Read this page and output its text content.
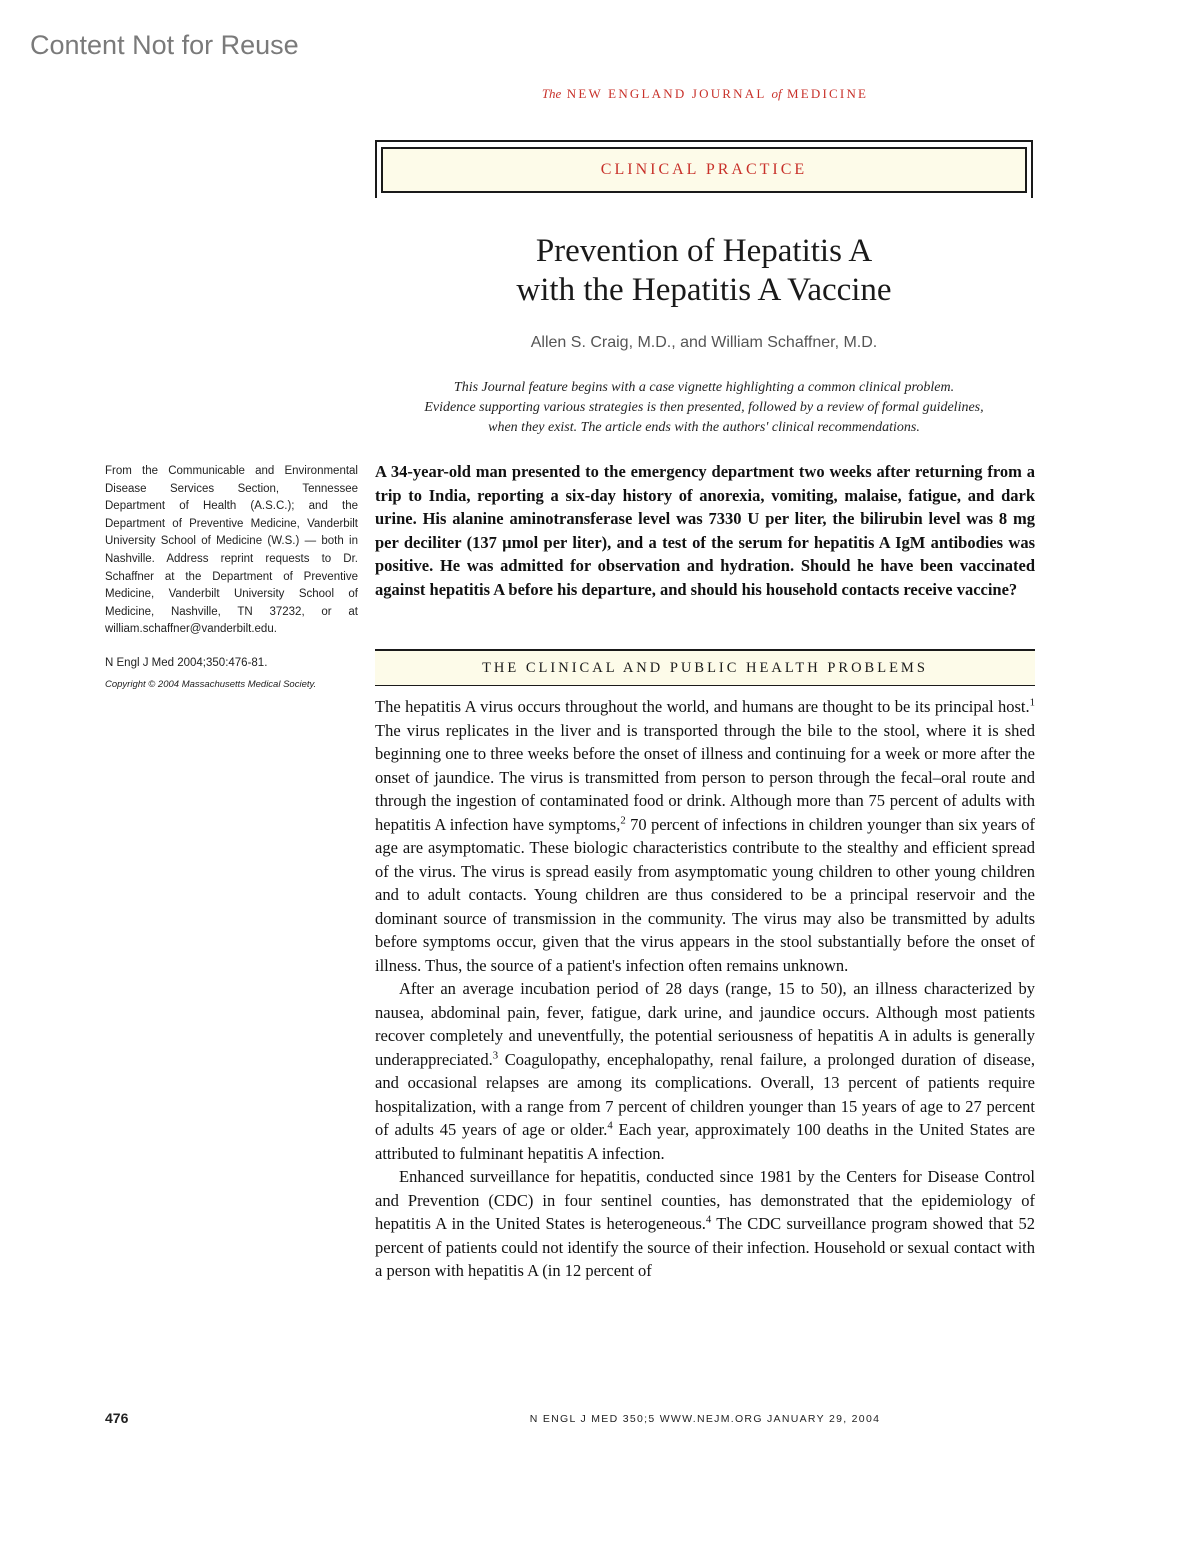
Content Not for Reuse
The NEW ENGLAND JOURNAL of MEDICINE
CLINICAL PRACTICE
Prevention of Hepatitis A
with the Hepatitis A Vaccine
Allen S. Craig, M.D., and William Schaffner, M.D.
This Journal feature begins with a case vignette highlighting a common clinical problem.
Evidence supporting various strategies is then presented, followed by a review of formal guidelines,
when they exist. The article ends with the authors' clinical recommendations.
From the Communicable and Environmental Disease Services Section, Tennessee Department of Health (A.S.C.); and the Department of Preventive Medicine, Vanderbilt University School of Medicine (W.S.) — both in Nashville. Address reprint requests to Dr. Schaffner at the Department of Preventive Medicine, Vanderbilt University School of Medicine, Nashville, TN 37232, or at william.schaffner@vanderbilt.edu.
N Engl J Med 2004;350:476-81.
Copyright © 2004 Massachusetts Medical Society.
A 34-year-old man presented to the emergency department two weeks after returning from a trip to India, reporting a six-day history of anorexia, vomiting, malaise, fatigue, and dark urine. His alanine aminotransferase level was 7330 U per liter, the bilirubin level was 8 mg per deciliter (137 µmol per liter), and a test of the serum for hepatitis A IgM antibodies was positive. He was admitted for observation and hydration. Should he have been vaccinated against hepatitis A before his departure, and should his household contacts receive vaccine?
THE CLINICAL AND PUBLIC HEALTH PROBLEMS

The hepatitis A virus occurs throughout the world, and humans are thought to be its principal host.$^1$ The virus replicates in the liver and is transported through the bile to the stool, where it is shed beginning one to three weeks before the onset of illness and continuing for a week or more after the onset of jaundice. The virus is transmitted from person to person through the fecal–oral route and through the ingestion of contaminated food or drink. Although more than 75 percent of adults with hepatitis A infection have symptoms,$^2$ 70 percent of infections in children younger than six years of age are asymptomatic. These biologic characteristics contribute to the stealthy and efficient spread of the virus. The virus is spread easily from asymptomatic young children to other young children and to adult contacts. Young children are thus considered to be a principal reservoir and the dominant source of transmission in the community. The virus may also be transmitted by adults before symptoms occur, given that the virus appears in the stool substantially before the onset of illness. Thus, the source of a patient's infection often remains unknown.

After an average incubation period of 28 days (range, 15 to 50), an illness characterized by nausea, abdominal pain, fever, fatigue, dark urine, and jaundice occurs. Although most patients recover completely and uneventfully, the potential seriousness of hepatitis A in adults is generally underappreciated.$^3$ Coagulopathy, encephalopathy, renal failure, a prolonged duration of disease, and occasional relapses are among its complications. Overall, 13 percent of patients require hospitalization, with a range from 7 percent of children younger than 15 years of age to 27 percent of adults 45 years of age or older.$^4$ Each year, approximately 100 deaths in the United States are attributed to fulminant hepatitis A infection.

Enhanced surveillance for hepatitis, conducted since 1981 by the Centers for Disease Control and Prevention (CDC) in four sentinel counties, has demonstrated that the epidemiology of hepatitis A in the United States is heterogeneous.$^4$ The CDC surveillance program showed that 52 percent of patients could not identify the source of their infection. Household or sexual contact with a person with hepatitis A (in 12 percent of

476	N ENGL J MED 350;5 WWW.NEJM.ORG JANUARY 29, 2004
